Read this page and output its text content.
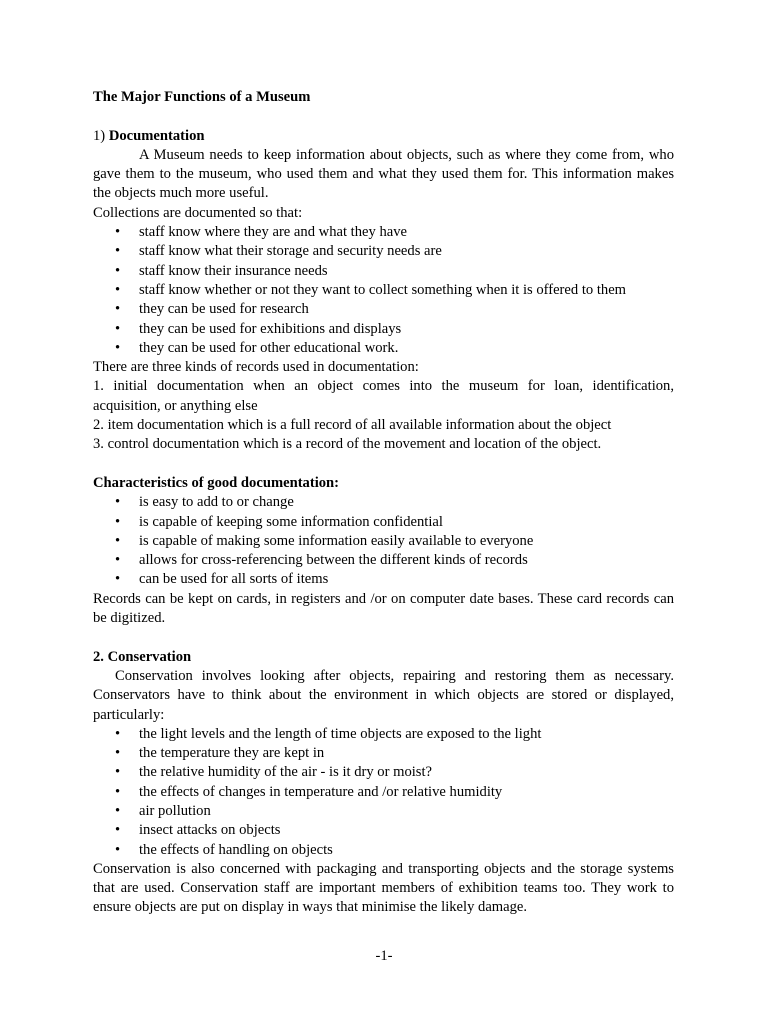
The Major Functions of a Museum

1) Documentation

A Museum needs to keep information about objects, such as where they come from, who gave them to the museum, who used them and what they used them for. This information makes the objects much more useful.

Collections are documented so that:

• staff know where they are and what they have
• staff know what their storage and security needs are
• staff know their insurance needs
• staff know whether or not they want to collect something when it is offered to them
• they can be used for research
• they can be used for exhibitions and displays
• they can be used for other educational work.

There are three kinds of records used in documentation:

1. initial documentation when an object comes into the museum for loan, identification, acquisition, or anything else

2. item documentation which is a full record of all available information about the object

3. control documentation which is a record of the movement and location of the object.

Characteristics of good documentation:

• is easy to add to or change
• is capable of keeping some information confidential
• is capable of making some information easily available to everyone
• allows for cross-referencing between the different kinds of records
• can be used for all sorts of items

Records can be kept on cards, in registers and /or on computer date bases. These card records can be digitized.

2. Conservation

Conservation involves looking after objects, repairing and restoring them as necessary. Conservators have to think about the environment in which objects are stored or displayed, particularly:

• the light levels and the length of time objects are exposed to the light
• the temperature they are kept in
• the relative humidity of the air - is it dry or moist?
• the effects of changes in temperature and /or relative humidity
• air pollution
• insect attacks on objects
• the effects of handling on objects

Conservation is also concerned with packaging and transporting objects and the storage systems that are used. Conservation staff are important members of exhibition teams too. They work to ensure objects are put on display in ways that minimise the likely damage.

-1-
